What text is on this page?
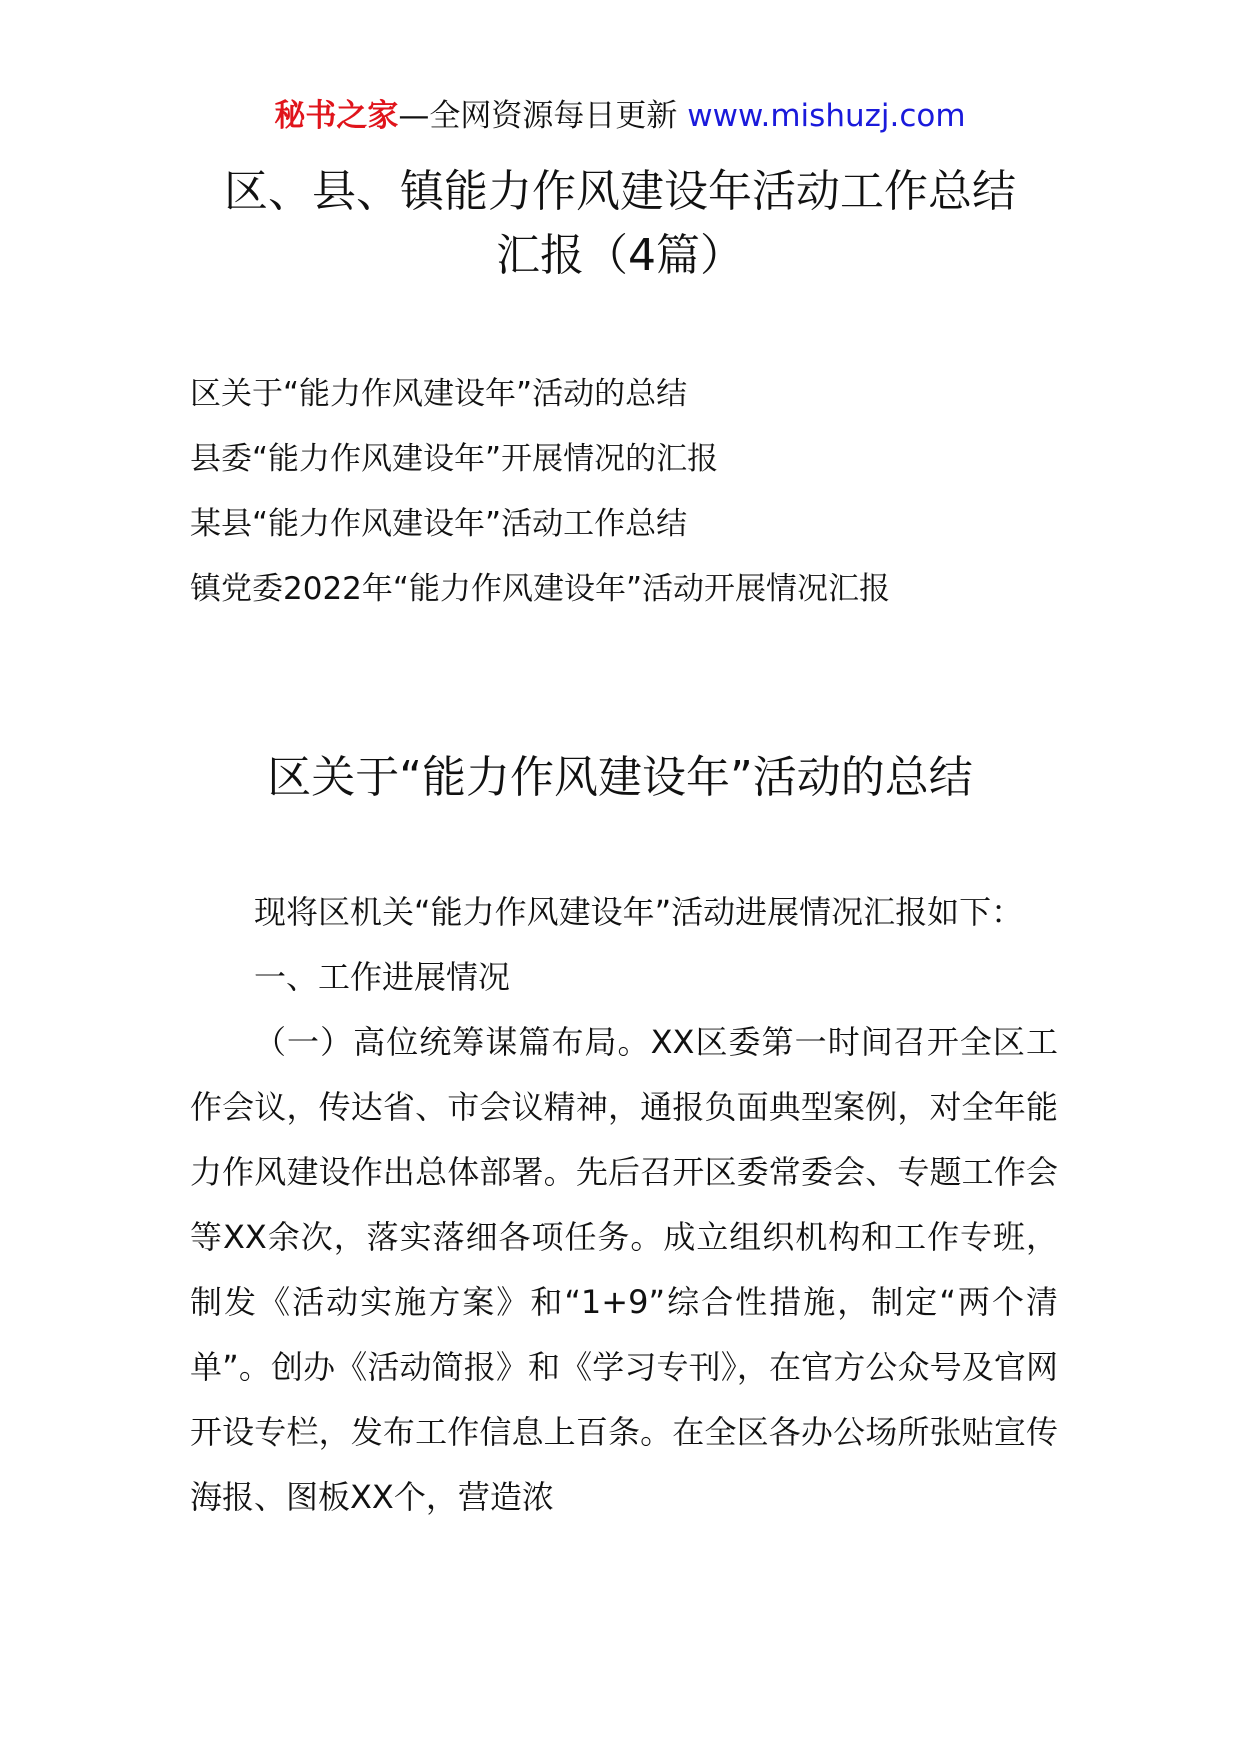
秘书之家—全网资源每日更新 www.mishuzj.com
区、县、镇能力作风建设年活动工作总结
汇报（4篇）
区关于“能力作风建设年”活动的总结
县委“能力作风建设年”开展情况的汇报
某县“能力作风建设年”活动工作总结
镇党委2022年“能力作风建设年”活动开展情况汇报
区关于“能力作风建设年”活动的总结

现将区机关“能力作风建设年”活动进展情况汇报如下：

一、工作进展情况

（一）高位统筹谋篇布局。XX区委第一时间召开全区工作会议，传达省、市会议精神，通报负面典型案例，对全年能力作风建设作出总体部署。先后召开区委常委会、专题工作会等XX余次，落实落细各项任务。成立组织机构和工作专班，制发《活动实施方案》和“1+9”综合性措施，制定“两个清单”。创办《活动简报》和《学习专刊》，在官方公众号及官网开设专栏，发布工作信息上百条。在全区各办公场所张贴宣传海报、图板XX个，营造浓
